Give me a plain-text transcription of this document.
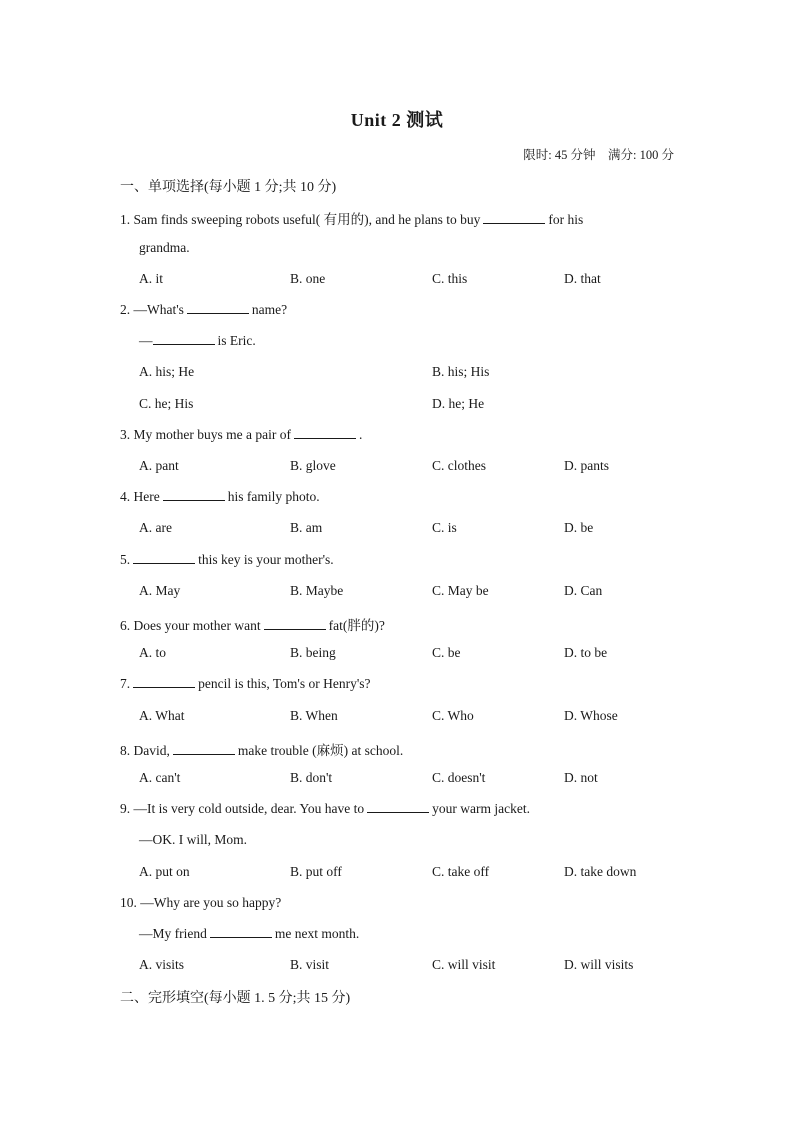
Unit 2 测试
限时: 45 分钟    满分: 100 分
一、单项选择(每小题 1 分;共 10 分)
1. Sam finds sweeping robots useful( 有用的), and he plans to buy	for his
grandma.
A. it	B. one	C. this	D. that
2. —What's	name?
—	is Eric.
A. his; He	B. his; His
C. he; His	D. he; He
3. My mother buys me a pair of	.
A. pant	B. glove	C. clothes	D. pants
4. Here	his family photo.
A. are	B. am	C. is	D. be
5.	this key is your mother's.
A. May	B. Maybe	C. May be	D. Can
6. Does your mother want	fat(胖的)?
A. to	B. being	C. be	D. to be
7.	pencil is this, Tom's or Henry's?
A. What	B. When	C. Who	D. Whose
8. David,	make trouble (麻烦) at school.
A. can't	B. don't	C. doesn't	D. not
9. —It is very cold outside, dear. You have to	your warm jacket.
—OK. I will, Mom.
A. put on	B. put off	C. take off	D. take down
10. —Why are you so happy?
—My friend	me next month.
A. visits	B. visit	C. will visit	D. will visits
二、完形填空(每小题 1. 5 分;共 15 分)
